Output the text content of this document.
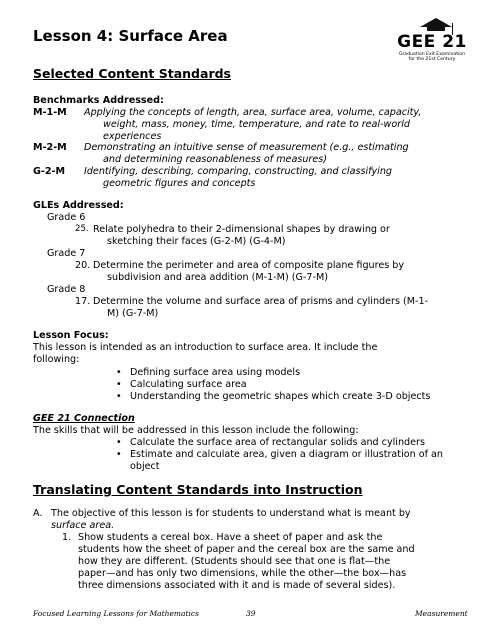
Lesson 4: Surface Area	GEE 21
Graduation Exit Examination
for the 21st Century
Selected Content Standards
Benchmarks Addressed:
M-1-M Applying the concepts of length, area, surface area, volume, capacity,
weight, mass, money, time, temperature, and rate to real-world
experiences
M-2-M Demonstrating an intuitive sense of measurement (e.g., estimating
and determining reasonableness of measures)
G-2-M Identifying, describing, comparing, constructing, and classifying
geometric figures and concepts
GLEs Addressed:
Grade 6
25. Relate polyhedra to their 2-dimensional shapes by drawing or
sketching their faces (G-2-M) (G-4-M)
Grade 7
20. Determine the perimeter and area of composite plane figures by
subdivision and area addition (M-1-M) (G-7-M)
Grade 8
17. Determine the volume and surface area of prisms and cylinders (M-1-
M) (G-7-M)
Lesson Focus:
This lesson is intended as an introduction to surface area. It include the
following:
• Defining surface area using models
• Calculating surface area
• Understanding the geometric shapes which create 3-D objects
GEE 21 Connection
The skills that will be addressed in this lesson include the following:
• Calculate the surface area of rectangular solids and cylinders
• Estimate and calculate area, given a diagram or illustration of an
object
Translating Content Standards into Instruction
A. The objective of this lesson is for students to understand what is meant by
surface area.
1. Show students a cereal box. Have a sheet of paper and ask the
students how the sheet of paper and the cereal box are the same and
how they are different. (Students should see that one is flat—the
paper—and has only two dimensions, while the other—the box—has
three dimensions associated with it and is made of several sides).
Focused Learning Lessons for Mathematics	39	Measurement
